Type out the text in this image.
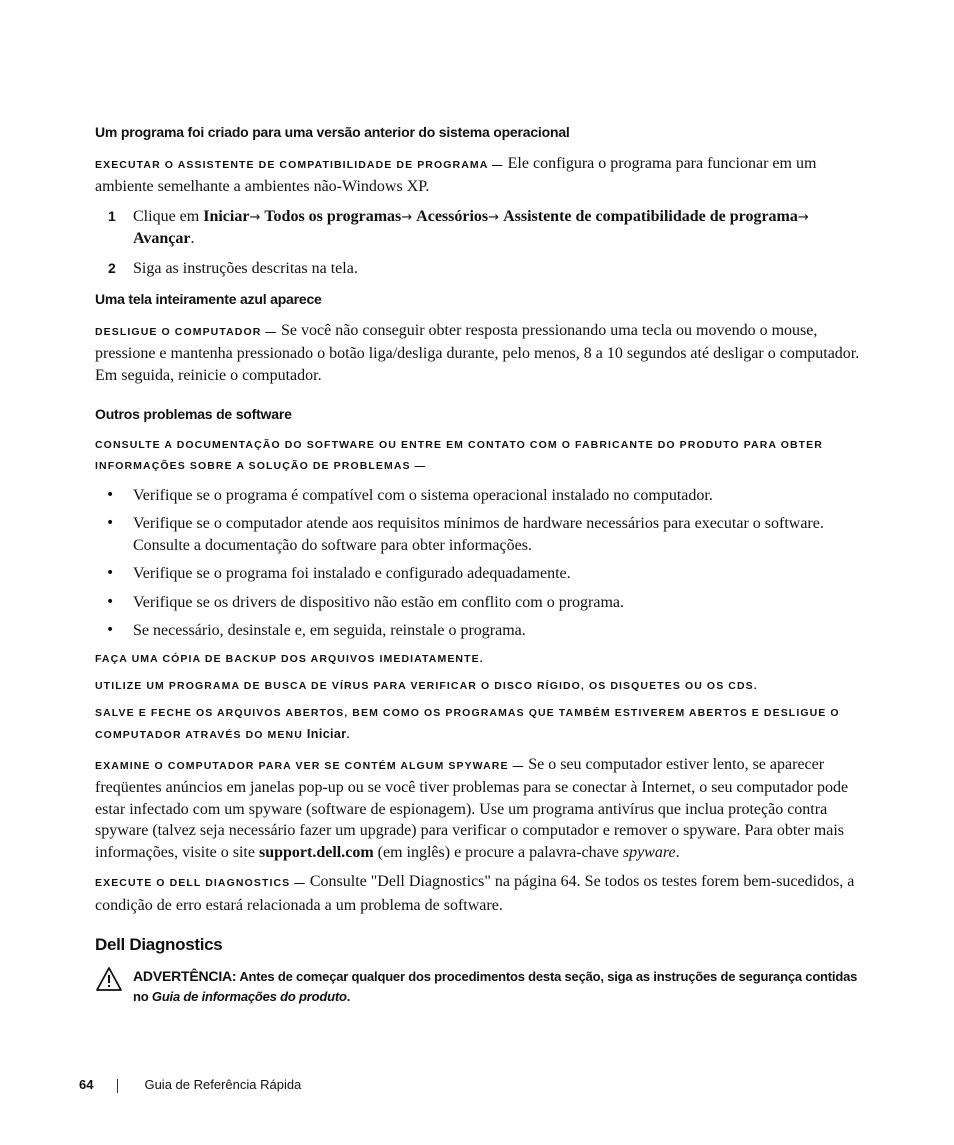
Um programa foi criado para uma versão anterior do sistema operacional

EXECUTAR O ASSISTENTE DE COMPATIBILIDADE DE PROGRAMA — Ele configura o programa para funcionar em um ambiente semelhante a ambientes não-Windows XP.

1 Clique em Iniciar→ Todos os programas→ Acessórios→ Assistente de compatibilidade de programa→ Avançar.
2 Siga as instruções descritas na tela.
Uma tela inteiramente azul aparece

DESLIGUE O COMPUTADOR — Se você não conseguir obter resposta pressionando uma tecla ou movendo o mouse, pressione e mantenha pressionado o botão liga/desliga durante, pelo menos, 8 a 10 segundos até desligar o computador. Em seguida, reinicie o computador.

Outros problemas de software
CONSULTE A DOCUMENTAÇÃO DO SOFTWARE OU ENTRE EM CONTATO COM O FABRICANTE DO PRODUTO PARA OBTER INFORMAÇÕES SOBRE A SOLUÇÃO DE PROBLEMAS —
• Verifique se o programa é compatível com o sistema operacional instalado no computador.
• Verifique se o computador atende aos requisitos mínimos de hardware necessários para executar o software. Consulte a documentação do software para obter informações.
• Verifique se o programa foi instalado e configurado adequadamente.
• Verifique se os drivers de dispositivo não estão em conflito com o programa.
• Se necessário, desinstale e, em seguida, reinstale o programa.
FAÇA UMA CÓPIA DE BACKUP DOS ARQUIVOS IMEDIATAMENTE.
UTILIZE UM PROGRAMA DE BUSCA DE VÍRUS PARA VERIFICAR O DISCO RÍGIDO, OS DISQUETES OU OS CDS.
SALVE E FECHE OS ARQUIVOS ABERTOS, BEM COMO OS PROGRAMAS QUE TAMBÉM ESTIVEREM ABERTOS E DESLIGUE O COMPUTADOR ATRAVÉS DO MENU Iniciar.

EXAMINE O COMPUTADOR PARA VER SE CONTÉM ALGUM SPYWARE — Se o seu computador estiver lento, se aparecer freqüentes anúncios em janelas pop-up ou se você tiver problemas para se conectar à Internet, o seu computador pode estar infectado com um spyware (software de espionagem). Use um programa antivírus que inclua proteção contra spyware (talvez seja necessário fazer um upgrade) para verificar o computador e remover o spyware. Para obter mais informações, visite o site support.dell.com (em inglês) e procure a palavra-chave spyware.

EXECUTE O DELL DIAGNOSTICS — Consulte "Dell Diagnostics" na página 64. Se todos os testes forem bem-sucedidos, a condição de erro estará relacionada a um problema de software.

Dell Diagnostics
ADVERTÊNCIA: Antes de começar qualquer dos procedimentos desta seção, siga as instruções de segurança contidas no Guia de informações do produto.
64	Guia de Referência Rápida
